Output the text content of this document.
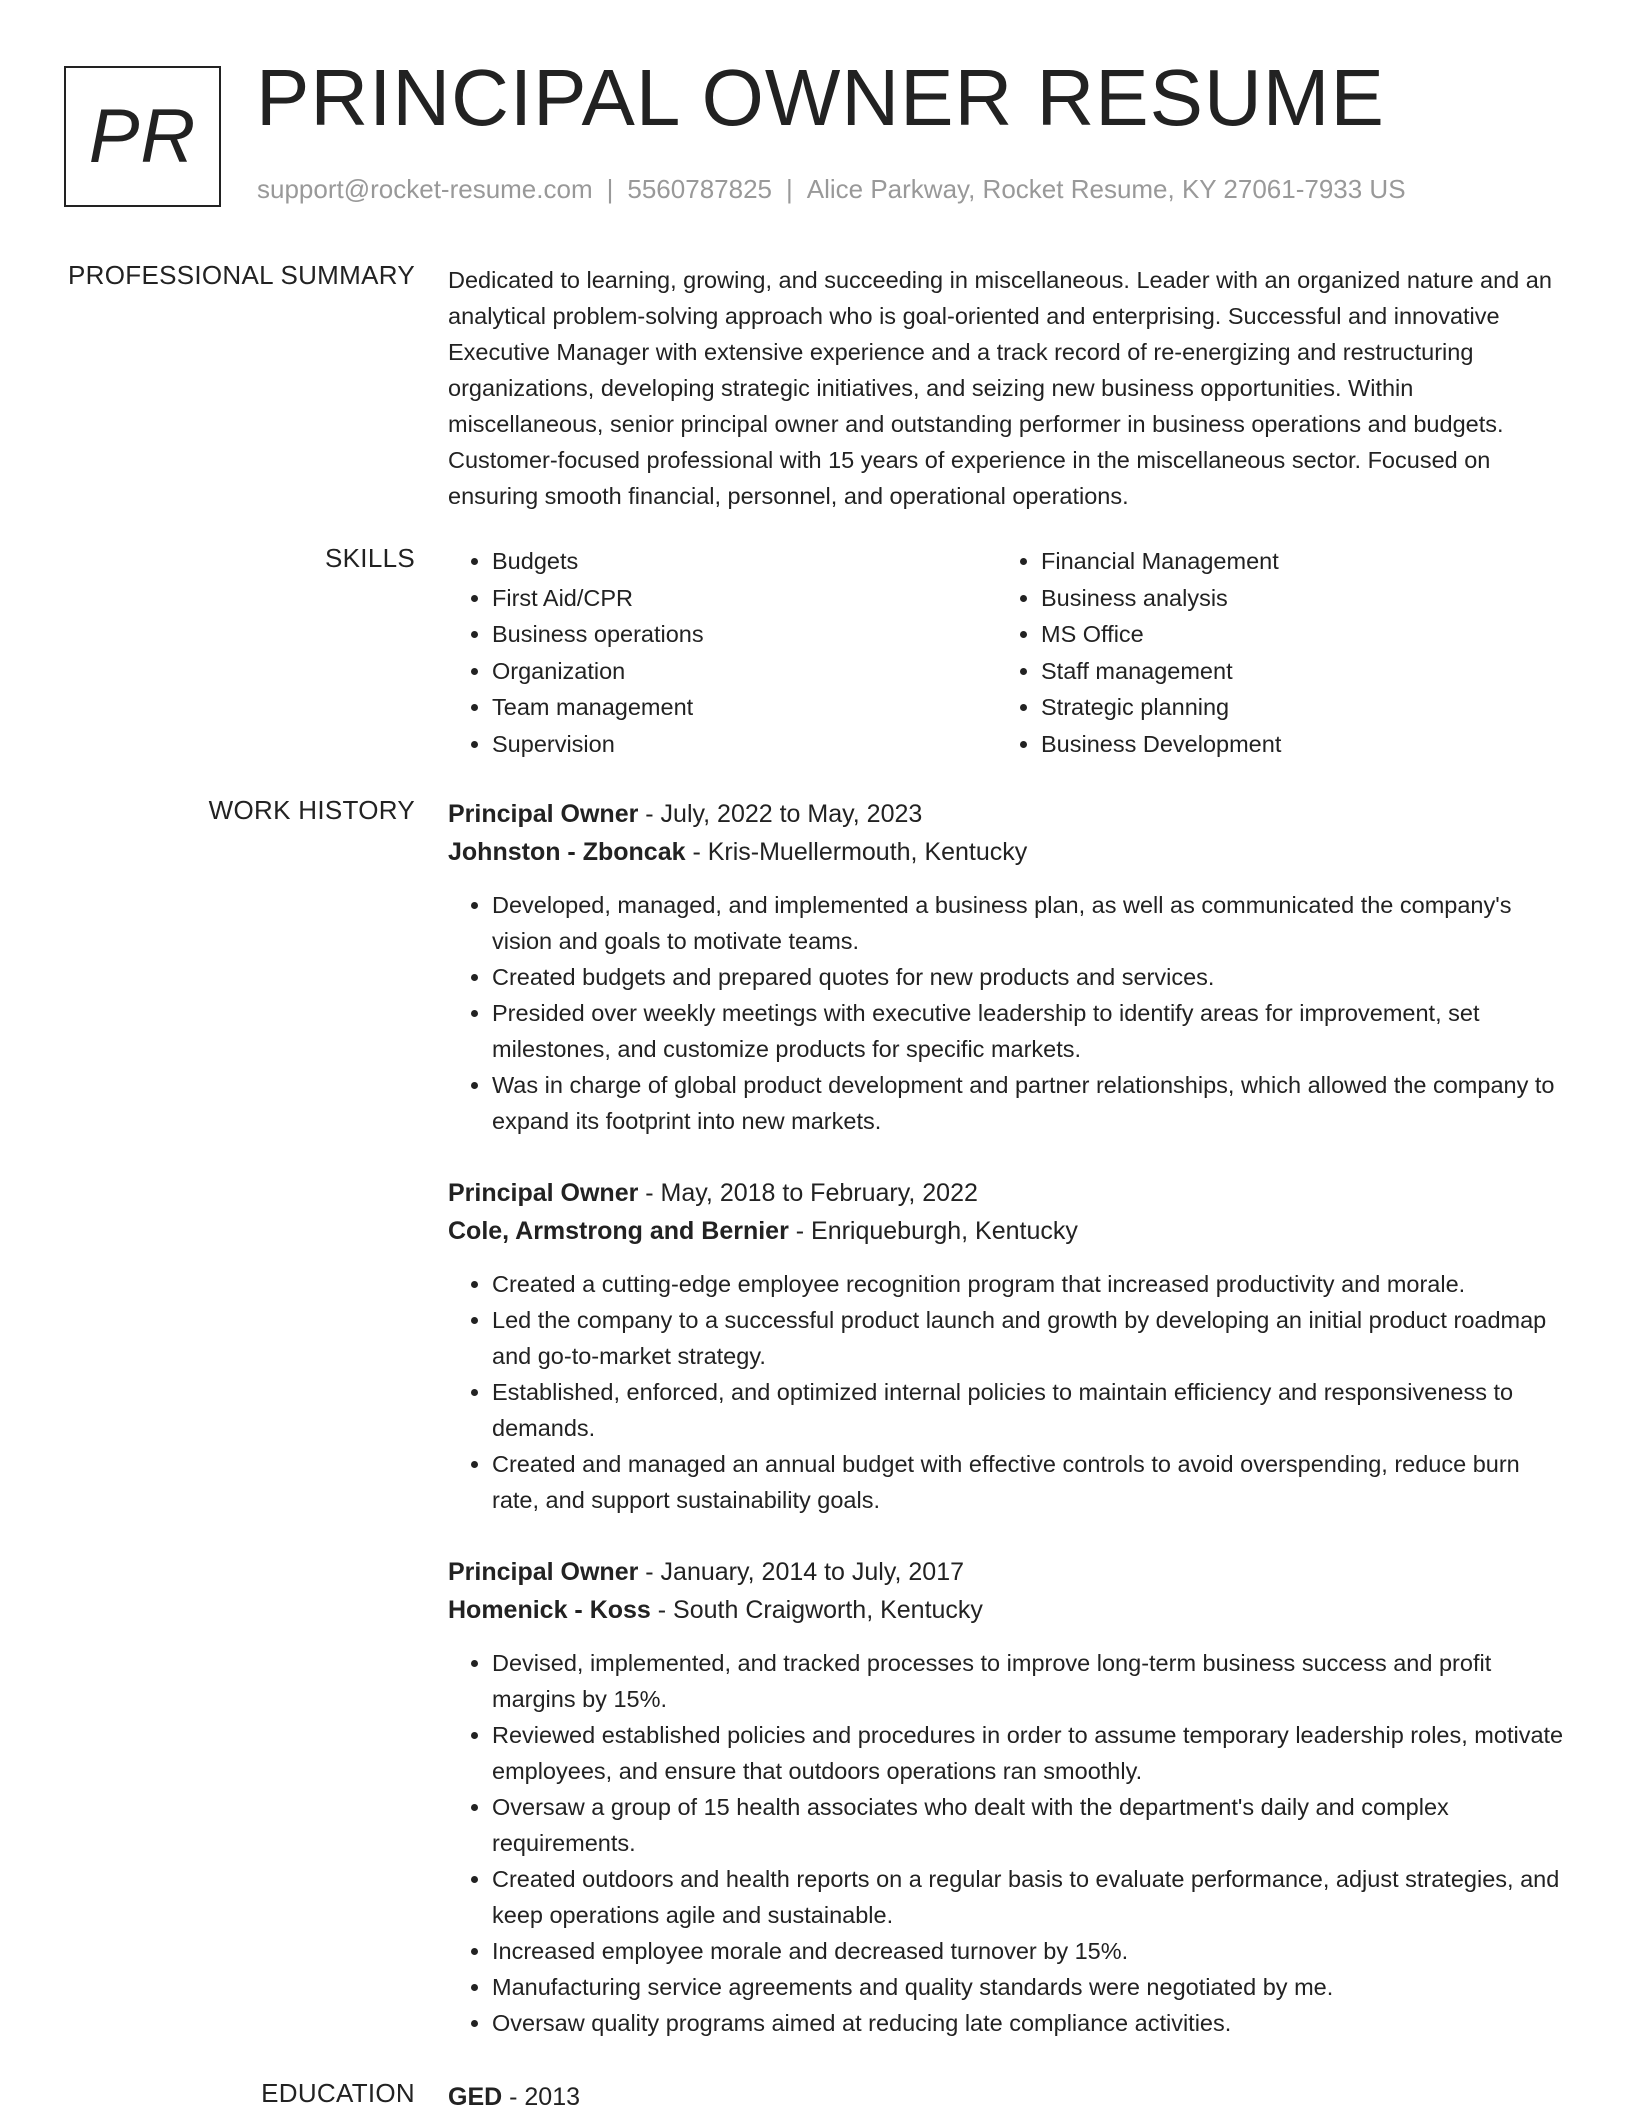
PR PRINCIPAL OWNER RESUME
support@rocket-resume.com | 5560787825 | Alice Parkway, Rocket Resume, KY 27061-7933 US
PROFESSIONAL SUMMARY Dedicated to learning, growing, and succeeding in miscellaneous. Leader with an organized nature and an analytical problem-solving approach who is goal-oriented and enterprising. Successful and innovative Executive Manager with extensive experience and a track record of re-energizing and restructuring organizations, developing strategic initiatives, and seizing new business opportunities. Within miscellaneous, senior principal owner and outstanding performer in business operations and budgets. Customer-focused professional with 15 years of experience in the miscellaneous sector. Focused on ensuring smooth financial, personnel, and operational operations.

SKILLS
•	Budgets
• First Aid/CPR
• Business operations
• Organization
• Team management
• Supervision
• Financial Management
• Business analysis
• MS Office
• Staff management
• Strategic planning
• Business Development
WORK HISTORY Principal Owner - July, 2022 to May, 2023
Johnston - Zboncak - Kris-Muellermouth, Kentucky
• Developed, managed, and implemented a business plan, as well as communicated the company's vision and goals to motivate teams.
• Created budgets and prepared quotes for new products and services.
• Presided over weekly meetings with executive leadership to identify areas for improvement, set milestones, and customize products for specific markets.
• Was in charge of global product development and partner relationships, which allowed the company to expand its footprint into new markets.
Principal Owner - May, 2018 to February, 2022
Cole, Armstrong and Bernier - Enriqueburgh, Kentucky
• Created a cutting-edge employee recognition program that increased productivity and morale.
• Led the company to a successful product launch and growth by developing an initial product roadmap and go-to-market strategy.
• Established, enforced, and optimized internal policies to maintain efficiency and responsiveness to demands.
• Created and managed an annual budget with effective controls to avoid overspending, reduce burn rate, and support sustainability goals.
Principal Owner - January, 2014 to July, 2017
Homenick - Koss - South Craigworth, Kentucky
• Devised, implemented, and tracked processes to improve long-term business success and profit margins by 15%.
• Reviewed established policies and procedures in order to assume temporary leadership roles, motivate employees, and ensure that outdoors operations ran smoothly.
• Oversaw a group of 15 health associates who dealt with the department's daily and complex requirements.
• Created outdoors and health reports on a regular basis to evaluate performance, adjust strategies, and keep operations agile and sustainable.
• Increased employee morale and decreased turnover by 15%.
• Manufacturing service agreements and quality standards were negotiated by me.
• Oversaw quality programs aimed at reducing late compliance activities.
EDUCATION GED - 2013
